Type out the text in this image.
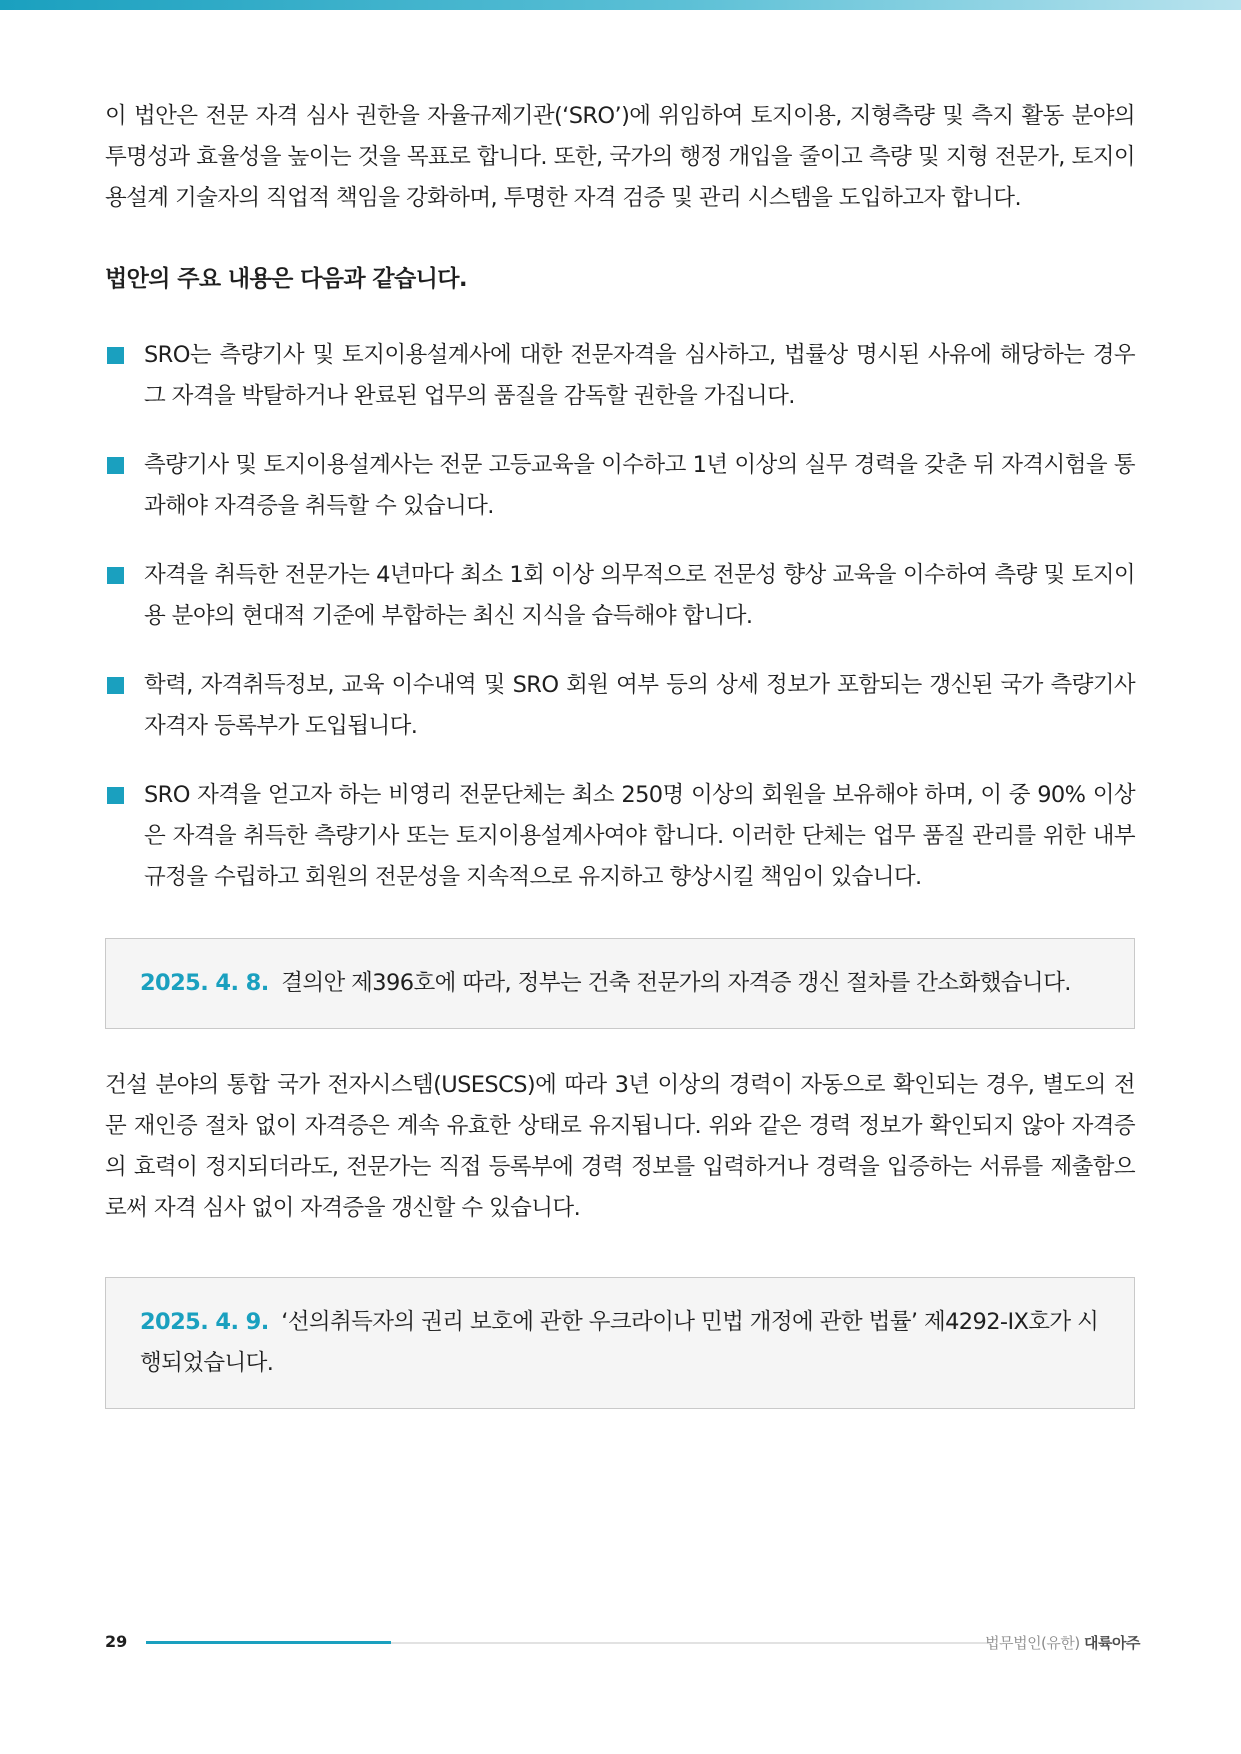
이 법안은 전문 자격 심사 권한을 자율규제기관(‘SRO’)에 위임하여 토지이용, 지형측량 및 측지 활동 분야의 투명성과 효율성을 높이는 것을 목표로 합니다. 또한, 국가의 행정 개입을 줄이고 측량 및 지형 전문가, 토지이용설계 기술자의 직업적 책임을 강화하며, 투명한 자격 검증 및 관리 시스템을 도입하고자 합니다.

법안의 주요 내용은 다음과 같습니다.
SRO는 측량기사 및 토지이용설계사에 대한 전문자격을 심사하고, 법률상 명시된 사유에 해당하는 경우 그 자격을 박탈하거나 완료된 업무의 품질을 감독할 권한을 가집니다.
측량기사 및 토지이용설계사는 전문 고등교육을 이수하고 1년 이상의 실무 경력을 갖춘 뒤 자격시험을 통과해야 자격증을 취득할 수 있습니다.
자격을 취득한 전문가는 4년마다 최소 1회 이상 의무적으로 전문성 향상 교육을 이수하여 측량 및 토지이용 분야의 현대적 기준에 부합하는 최신 지식을 습득해야 합니다.
학력, 자격취득정보, 교육 이수내역 및 SRO 회원 여부 등의 상세 정보가 포함되는 갱신된 국가 측량기사 자격자 등록부가 도입됩니다.
SRO 자격을 얻고자 하는 비영리 전문단체는 최소 250명 이상의 회원을 보유해야 하며, 이 중 90% 이상은 자격을 취득한 측량기사 또는 토지이용설계사여야 합니다. 이러한 단체는 업무 품질 관리를 위한 내부 규정을 수립하고 회원의 전문성을 지속적으로 유지하고 향상시킬 책임이 있습니다.
2025. 4. 8. 결의안 제396호에 따라, 정부는 건축 전문가의 자격증 갱신 절차를 간소화했습니다.

건설 분야의 통합 국가 전자시스템(USESCS)에 따라 3년 이상의 경력이 자동으로 확인되는 경우, 별도의 전문 재인증 절차 없이 자격증은 계속 유효한 상태로 유지됩니다. 위와 같은 경력 정보가 확인되지 않아 자격증의 효력이 정지되더라도, 전문가는 직접 등록부에 경력 정보를 입력하거나 경력을 입증하는 서류를 제출함으로써 자격 심사 없이 자격증을 갱신할 수 있습니다.

2025. 4. 9. ‘선의취득자의 권리 보호에 관한 우크라이나 민법 개정에 관한 법률’ 제4292-IX호가 시행되었습니다.
29	법무법인(유한) 대륙아주
